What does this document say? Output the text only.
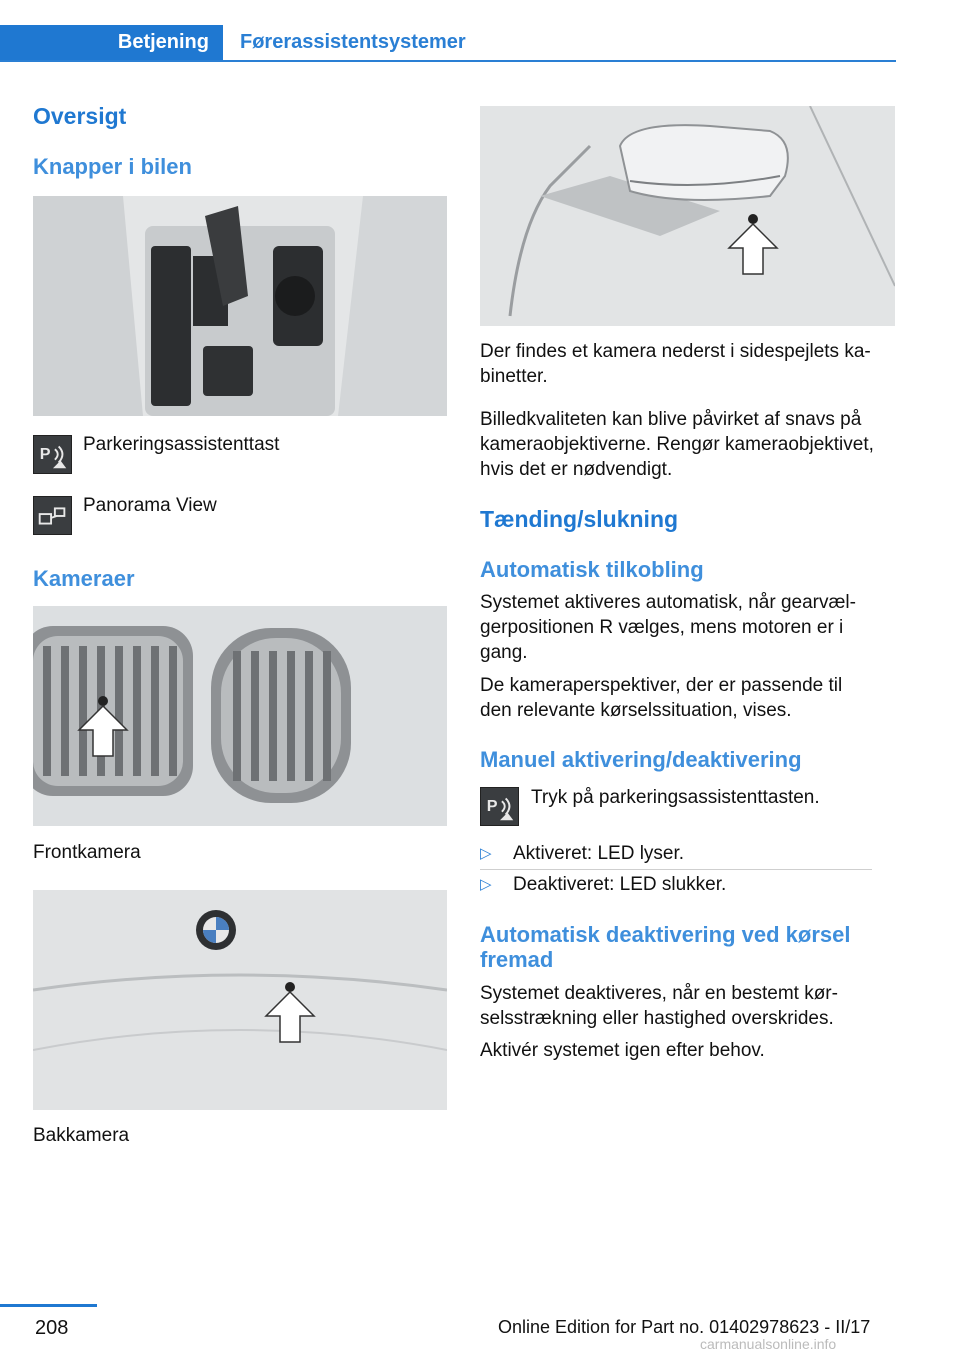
Betjening	Førerassistentsystemer
Oversigt
Knapper i bilen
P Parkeringsassistenttast
Panorama View
Kameraer
Frontkamera
Bakkamera
Der findes et kamera nederst i sidespejlets ka-
binetter.
Billedkvaliteten kan blive påvirket af snavs på
kameraobjektiverne. Rengør kameraobjektivet,
hvis det er nødvendigt.
Tænding/slukning
Automatisk tilkobling
Systemet aktiveres automatisk, når gearvæl-
gerpositionen R vælges, mens motoren er i
gang.
De kameraperspektiver, der er passende til
den relevante kørselssituation, vises.
Manuel aktivering/deaktivering
P Tryk på parkeringsassistenttasten.
▷ Aktiveret: LED lyser.
▷ Deaktiveret: LED slukker.
Automatisk deaktivering ved kørsel
fremad
Systemet deaktiveres, når en bestemt kør-
selsstrækning eller hastighed overskrides.
Aktivér systemet igen efter behov.
208	Online Edition for Part no. 01402978623 - II/17
carmanualsonline.info
